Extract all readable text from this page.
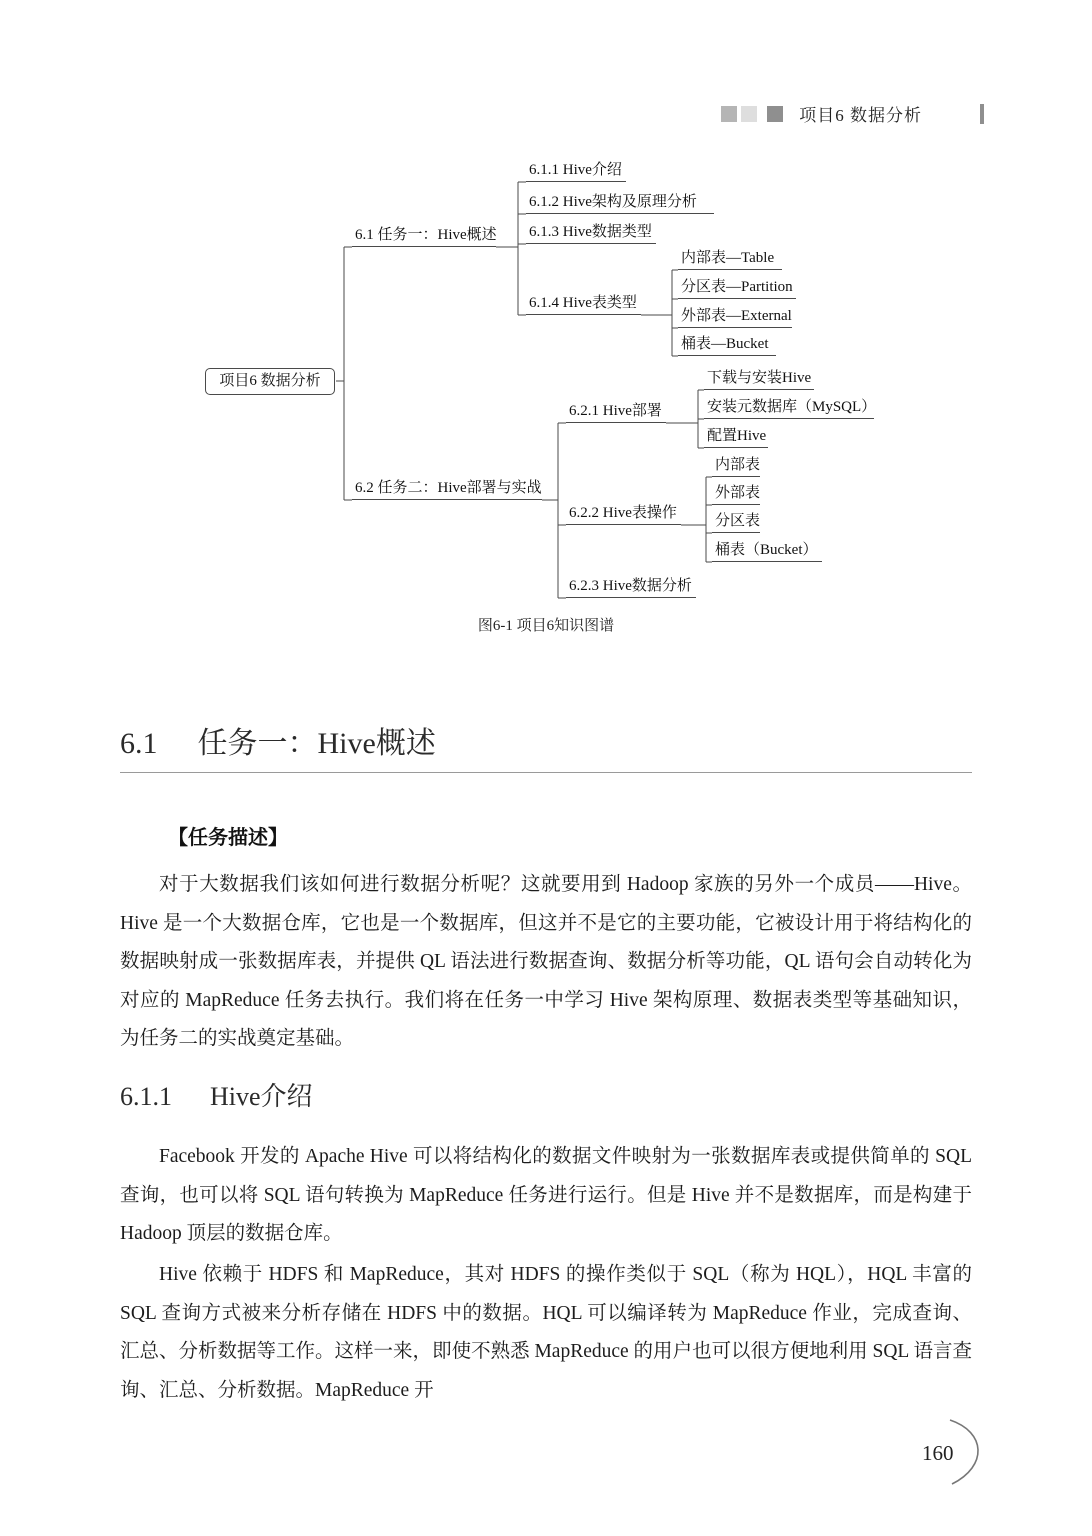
项目6 数据分析
项目6 数据分析
6.1 任务一：Hive概述
6.1.1 Hive介绍
6.1.2 Hive架构及原理分析
6.1.3 Hive数据类型
6.1.4 Hive表类型
内部表—Table
分区表—Partition
外部表—External
桶表—Bucket
6.2 任务二：Hive部署与实战
6.2.1 Hive部署
下载与安装Hive
安装元数据库（MySQL）
配置Hive
6.2.2 Hive表操作
内部表
外部表
分区表
桶表（Bucket）
6.2.3 Hive数据分析
图6-1 项目6知识图谱
6.1 任务一：Hive概述
【任务描述】

对于大数据我们该如何进行数据分析呢？这就要用到 Hadoop 家族的另外一个成员——Hive。Hive 是一个大数据仓库，它也是一个数据库，但这并不是它的主要功能，它被设计用于将结构化的数据映射成一张数据库表，并提供 QL 语法进行数据查询、数据分析等功能，QL 语句会自动转化为对应的 MapReduce 任务去执行。我们将在任务一中学习 Hive 架构原理、数据表类型等基础知识，为任务二的实战奠定基础。

6.1.1 Hive介绍

Facebook 开发的 Apache Hive 可以将结构化的数据文件映射为一张数据库表或提供简单的 SQL 查询，也可以将 SQL 语句转换为 MapReduce 任务进行运行。但是 Hive 并不是数据库，而是构建于 Hadoop 顶层的数据仓库。

Hive 依赖于 HDFS 和 MapReduce，其对 HDFS 的操作类似于 SQL（称为 HQL），HQL 丰富的 SQL 查询方式被来分析存储在 HDFS 中的数据。HQL 可以编译转为 MapReduce 作业，完成查询、汇总、分析数据等工作。这样一来，即使不熟悉 MapReduce 的用户也可以很方便地利用 SQL 语言查询、汇总、分析数据。MapReduce 开

160
